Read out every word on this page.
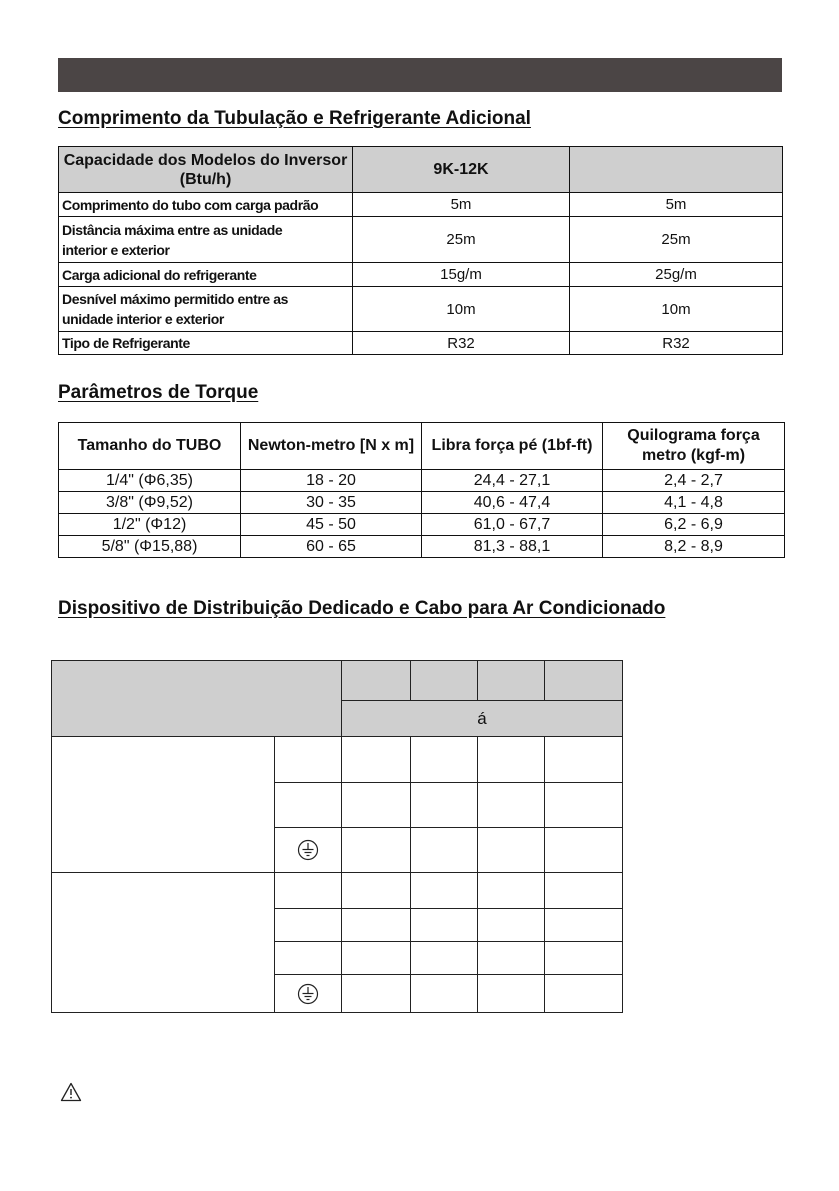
Comprimento da Tubulação e Refrigerante Adicional
Capacidade dos Modelos do Inversor (Btu/h)	9K-12K	
Comprimento do tubo com carga padrão	5m	5m

Distância máxima entre as unidade interior e exterior	25m	25m
Carga adicional do refrigerante	15g/m	25g/m

Desnível máximo permitido entre as unidade interior e exterior	10m	10m
Tipo de Refrigerante	R32	R32
Parâmetros de Torque
Tamanho do TUBO	Newton-metro [N x m]	Libra força pé (1bf-ft)	Quilograma força metro (kgf-m)
1/4" (Φ6,35)	18 - 20	24,4 - 27,1	2,4 - 2,7
3/8" (Φ9,52)	30 - 35	40,6 - 47,4	4,1 - 4,8
1/2" (Φ12)	45 - 50	61,0 - 67,7	6,2 - 6,9
5/8" (Φ15,88)	60 - 65	81,3 - 88,1	8,2 - 8,9
Dispositivo de Distribuição Dedicado e Cabo para Ar Condicionado

		á			
